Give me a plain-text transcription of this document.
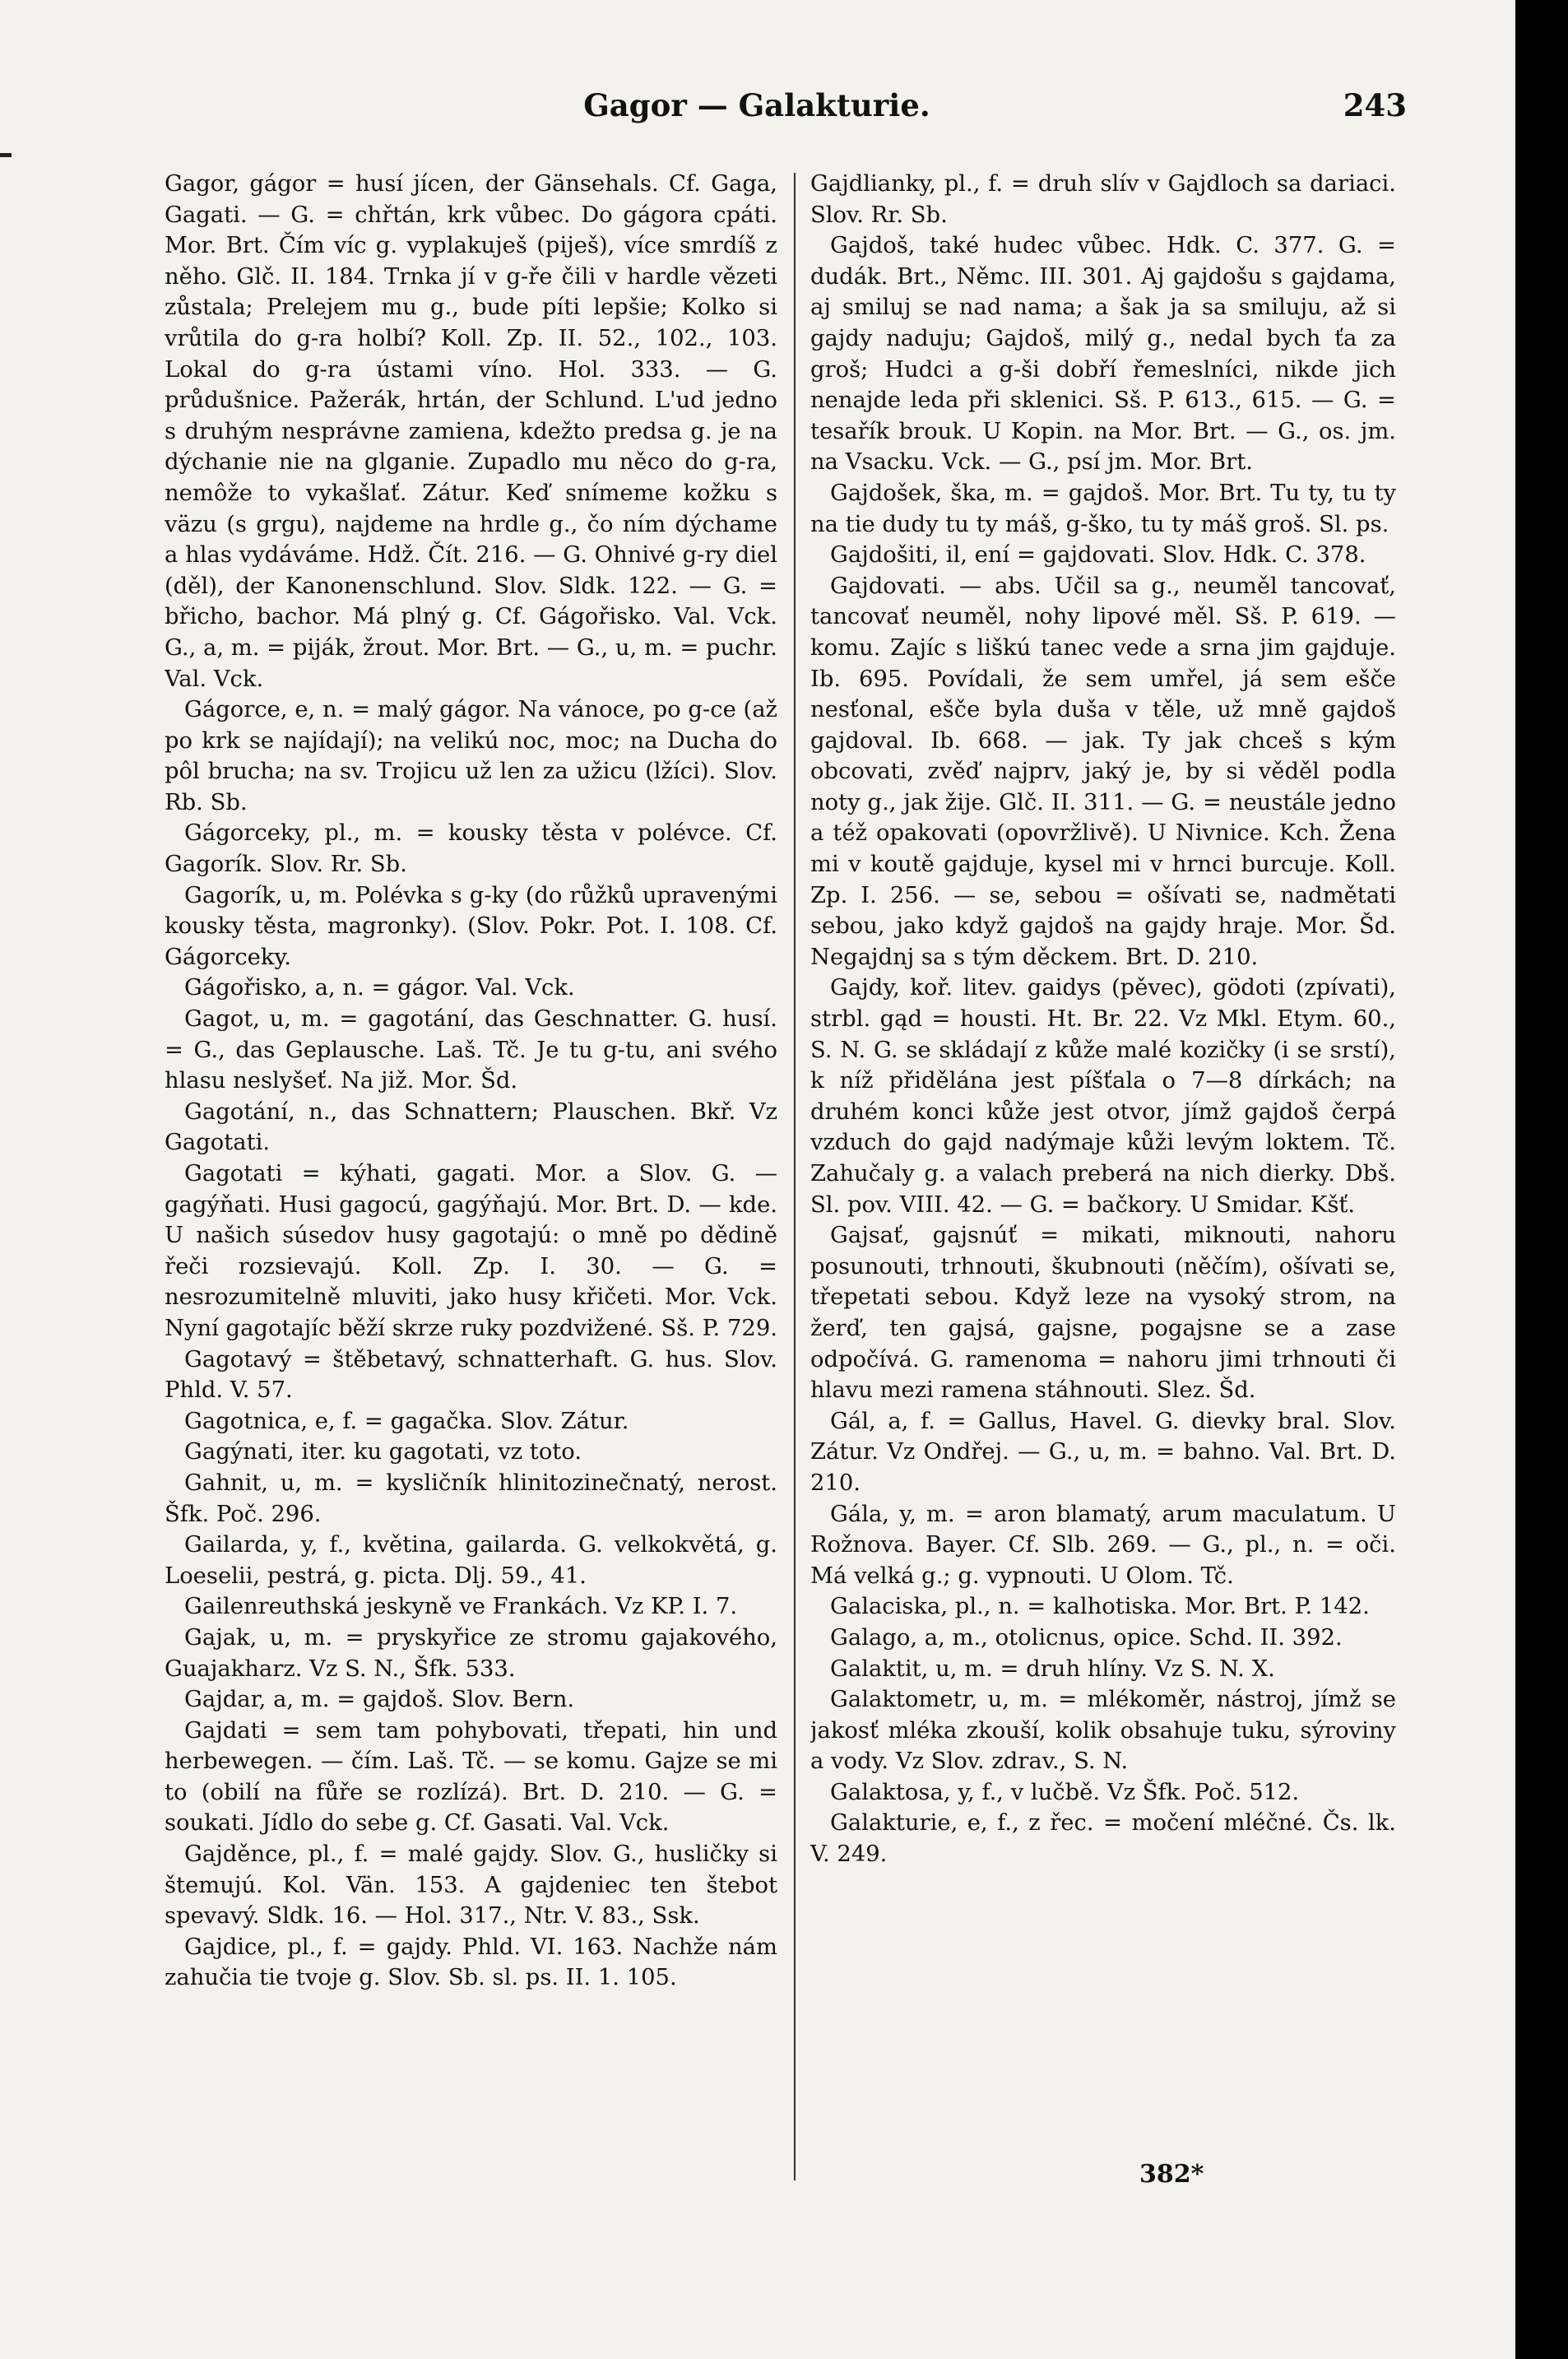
Gagor — Galakturie.	243

Gagor, gágor = husí jícen, der Gänsehals. Cf. Gaga, Gagati. — G. = chřtán, krk vůbec. Do gágora cpáti. Mor. Brt. Čím víc g. vyplakuješ (piješ), více smrdíš z něho. Glč. II. 184. Trnka jí v g-ře čili v hardle vězeti zůstala; Prelejem mu g., bude píti lepšie; Kolko si vrůtila do g-ra holbí? Koll. Zp. II. 52., 102., 103. Lokal do g-ra ústami víno. Hol. 333. — G. průdušnice. Pažerák, hrtán, der Schlund. L'ud jedno s druhým nesprávne zamiena, kdežto predsa g. je na dýchanie nie na glganie. Zupadlo mu něco do g-ra, nemôže to vykašlať. Zátur. Keď snímeme kožku s väzu (s grgu), najdeme na hrdle g., čo ním dýchame a hlas vydáváme. Hdž. Čít. 216. — G. Ohnivé g-ry diel (děl), der Kanonenschlund. Slov. Sldk. 122. — G. = břicho, bachor. Má plný g. Cf. Gágořisko. Val. Vck. G., a, m. = piják, žrout. Mor. Brt. — G., u, m. = puchr. Val. Vck.

Gágorce, e, n. = malý gágor. Na vánoce, po g-ce (až po krk se najídají); na velikú noc, moc; na Ducha do pôl brucha; na sv. Trojicu už len za užicu (lžíci). Slov. Rb. Sb.

Gágorceky, pl., m. = kousky těsta v polévce. Cf. Gagorík. Slov. Rr. Sb.

Gagorík, u, m. Polévka s g-ky (do růžků upravenými kousky těsta, magronky). (Slov. Pokr. Pot. I. 108. Cf. Gágorceky.

Gágořisko, a, n. = gágor. Val. Vck.

Gagot, u, m. = gagotání, das Geschnatter. G. husí. = G., das Geplausche. Laš. Tč. Je tu g-tu, ani svého hlasu neslyšeť. Na již. Mor. Šd.

Gagotání, n., das Schnattern; Plauschen. Bkř. Vz Gagotati.

Gagotati = kýhati, gagati. Mor. a Slov. G. — gagýňati. Husi gagocú, gagýňajú. Mor. Brt. D. — kde. U našich súsedov husy gagotajú: o mně po dědině řeči rozsievajú. Koll. Zp. I. 30. — G. = nesrozumitelně mluviti, jako husy křičeti. Mor. Vck. Nyní gagotajíc běží skrze ruky pozdvižené. Sš. P. 729.

Gagotavý = štěbetavý, schnatterhaft. G. hus. Slov. Phld. V. 57.

Gagotnica, e, f. = gagačka. Slov. Zátur.

Gagýnati, iter. ku gagotati, vz toto.

Gahnit, u, m. = kysličník hlinitozinečnatý, nerost. Šfk. Poč. 296.

Gailarda, y, f., květina, gailarda. G. velkokvětá, g. Loeselii, pestrá, g. picta. Dlj. 59., 41.

Gailenreuthská jeskyně ve Frankách. Vz KP. I. 7.

Gajak, u, m. = pryskyřice ze stromu gajakového, Guajakharz. Vz S. N., Šfk. 533.

Gajdar, a, m. = gajdoš. Slov. Bern.

Gajdati = sem tam pohybovati, třepati, hin und herbewegen. — čím. Laš. Tč. — se komu. Gajze se mi to (obilí na fůře se rozlízá). Brt. D. 210. — G. = soukati. Jídlo do sebe g. Cf. Gasati. Val. Vck.

Gajděnce, pl., f. = malé gajdy. Slov. G., husličky si štemujú. Kol. Vän. 153. A gajdeniec ten štebot spevavý. Sldk. 16. — Hol. 317., Ntr. V. 83., Ssk.

Gajdice, pl., f. = gajdy. Phld. VI. 163. Nachže nám zahučia tie tvoje g. Slov. Sb. sl. ps. II. 1. 105.

Gajdlianky, pl., f. = druh slív v Gajdloch sa dariaci. Slov. Rr. Sb.

Gajdoš, také hudec vůbec. Hdk. C. 377. G. = dudák. Brt., Němc. III. 301. Aj gajdošu s gajdama, aj smiluj se nad nama; a šak ja sa smiluju, až si gajdy naduju; Gajdoš, milý g., nedal bych ťa za groš; Hudci a g-ši dobří řemeslníci, nikde jich nenajde leda při sklenici. Sš. P. 613., 615. — G. = tesařík brouk. U Kopin. na Mor. Brt. — G., os. jm. na Vsacku. Vck. — G., psí jm. Mor. Brt.

Gajdošek, ška, m. = gajdoš. Mor. Brt. Tu ty, tu ty na tie dudy tu ty máš, g-ško, tu ty máš groš. Sl. ps.

Gajdošiti, il, ení = gajdovati. Slov. Hdk. C. 378.

Gajdovati. — abs. Učil sa g., neuměl tancovať, tancovať neuměl, nohy lipové měl. Sš. P. 619. — komu. Zajíc s liškú tanec vede a srna jim gajduje. Ib. 695. Povídali, že sem umřel, já sem ešče nesťonal, ešče byla duša v těle, už mně gajdoš gajdoval. Ib. 668. — jak. Ty jak chceš s kým obcovati, zvěď najprv, jaký je, by si věděl podla noty g., jak žije. Glč. II. 311. — G. = neustále jedno a též opakovati (opovržlivě). U Nivnice. Kch. Žena mi v koutě gajduje, kysel mi v hrnci burcuje. Koll. Zp. I. 256. — se, sebou = ošívati se, nadmětati sebou, jako když gajdoš na gajdy hraje. Mor. Šd. Negajdnj sa s tým děckem. Brt. D. 210.

Gajdy, koř. litev. gaidys (pěvec), gödoti (zpívati), strbl. gąd = housti. Ht. Br. 22. Vz Mkl. Etym. 60., S. N. G. se skládají z kůže malé kozičky (i se srstí), k níž přidělána jest píšťala o 7—8 dírkách; na druhém konci kůže jest otvor, jímž gajdoš čerpá vzduch do gajd nadýmaje kůži levým loktem. Tč. Zahučaly g. a valach preberá na nich dierky. Dbš. Sl. pov. VIII. 42. — G. = bačkory. U Smidar. Kšť.

Gajsať, gajsnúť = mikati, miknouti, nahoru posunouti, trhnouti, škubnouti (něčím), ošívati se, třepetati sebou. Když leze na vysoký strom, na žerď, ten gajsá, gajsne, pogajsne se a zase odpočívá. G. ramenoma = nahoru jimi trhnouti či hlavu mezi ramena stáhnouti. Slez. Šd.

Gál, a, f. = Gallus, Havel. G. dievky bral. Slov. Zátur. Vz Ondřej. — G., u, m. = bahno. Val. Brt. D. 210.

Gála, y, m. = aron blamatý, arum maculatum. U Rožnova. Bayer. Cf. Slb. 269. — G., pl., n. = oči. Má velká g.; g. vypnouti. U Olom. Tč.

Galaciska, pl., n. = kalhotiska. Mor. Brt. P. 142.

Galago, a, m., otolicnus, opice. Schd. II. 392.

Galaktit, u, m. = druh hlíny. Vz S. N. X.

Galaktometr, u, m. = mlékoměr, nástroj, jímž se jakosť mléka zkouší, kolik obsahuje tuku, sýroviny a vody. Vz Slov. zdrav., S. N.

Galaktosa, y, f., v lučbě. Vz Šfk. Poč. 512.

Galakturie, e, f., z řec. = močení mléčné. Čs. lk. V. 249.

382*
